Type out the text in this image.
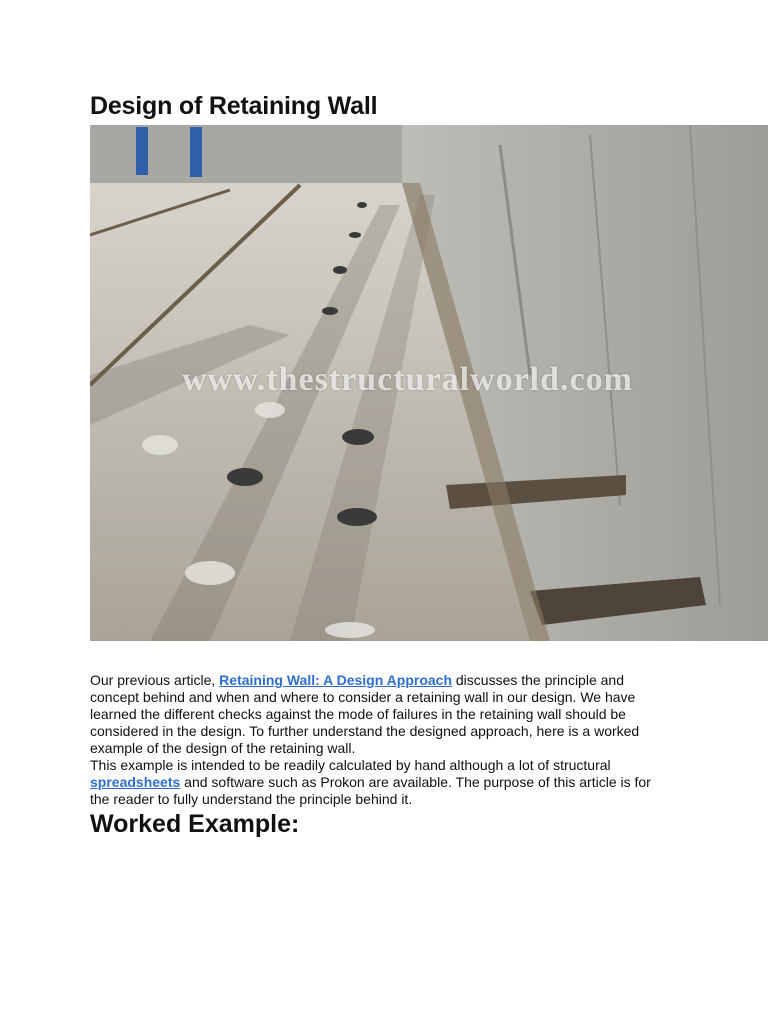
Design of Retaining Wall
www.thestructuralworld.com

Our previous article, Retaining Wall: A Design Approach discusses the principle and concept behind and when and where to consider a retaining wall in our design. We have learned the different checks against the mode of failures in the retaining wall should be considered in the design. To further understand the designed approach, here is a worked example of the design of the retaining wall.

This example is intended to be readily calculated by hand although a lot of structural spreadsheets and software such as Prokon are available. The purpose of this article is for the reader to fully understand the principle behind it.

Worked Example:
